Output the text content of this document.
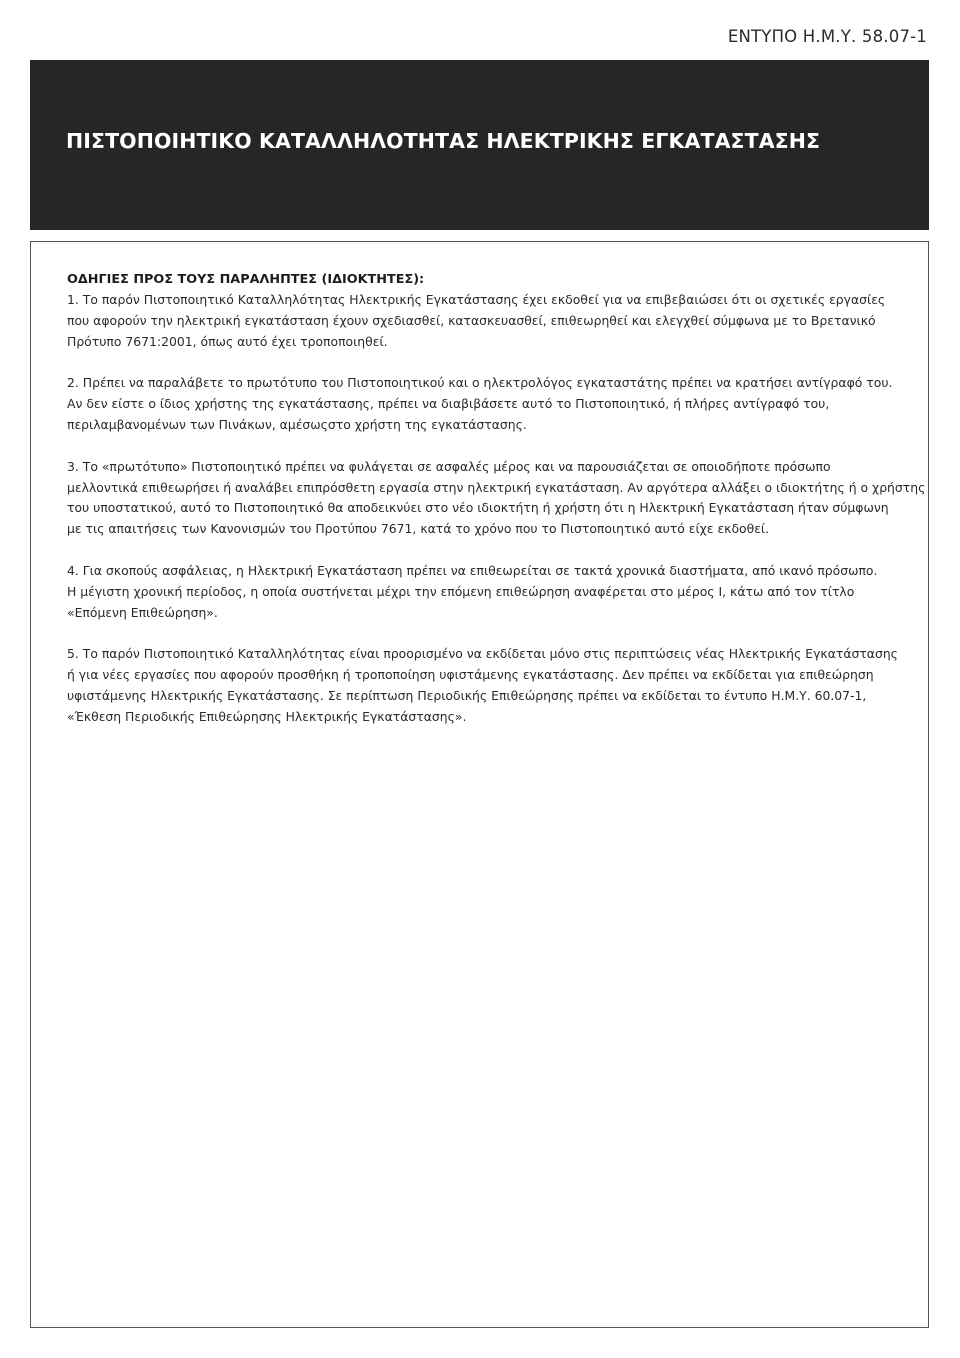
ΕΝΤΥΠΟ Η.Μ.Υ. 58.07-1
ΠΙΣΤΟΠΟΙΗΤΙΚΟ ΚΑΤΑΛΛΗΛΟΤΗΤΑΣ ΗΛΕΚΤΡΙΚΗΣ ΕΓΚΑΤΑΣΤΑΣΗΣ

ΟΔΗΓΙΕΣ ΠΡΟΣ ΤΟΥΣ ΠΑΡΑΛΗΠΤΕΣ (ΙΔΙΟΚΤΗΤΕΣ):

1. Το παρόν Πιστοποιητικό Καταλληλότητας Ηλεκτρικής Εγκατάστασης έχει εκδοθεί για να επιβεβαιώσει ότι οι σχετικές εργασίες
που αφορούν την ηλεκτρική εγκατάσταση έχουν σχεδιασθεί, κατασκευασθεί, επιθεωρηθεί και ελεγχθεί σύμφωνα με το Βρετανικό
Πρότυπο 7671:2001, όπως αυτό έχει τροποποιηθεί.

2. Πρέπει να παραλάβετε το πρωτότυπο του Πιστοποιητικού και ο ηλεκτρολόγος εγκαταστάτης πρέπει να κρατήσει αντίγραφό του.
Αν δεν είστε ο ίδιος χρήστης της εγκατάστασης, πρέπει να διαβιβάσετε αυτό το Πιστοποιητικό, ή πλήρες αντίγραφό του,
περιλαμβανομένων των Πινάκων, αμέσωςστο χρήστη της εγκατάστασης.

3. Το «πρωτότυπο» Πιστοποιητικό πρέπει να φυλάγεται σε ασφαλές μέρος και να παρουσιάζεται σε οποιοδήποτε πρόσωπο
μελλοντικά επιθεωρήσει ή αναλάβει επιπρόσθετη εργασία στην ηλεκτρική εγκατάσταση. Αν αργότερα αλλάξει ο ιδιοκτήτης ή ο χρήστης
του υποστατικού, αυτό το Πιστοποιητικό θα αποδεικνύει στο νέο ιδιοκτήτη ή χρήστη ότι η Ηλεκτρική Εγκατάσταση ήταν σύμφωνη
με τις απαιτήσεις των Κανονισμών του Προτύπου 7671, κατά το χρόνο που το Πιστοποιητικό αυτό είχε εκδοθεί.

4. Για σκοπούς ασφάλειας, η Ηλεκτρική Εγκατάσταση πρέπει να επιθεωρείται σε τακτά χρονικά διαστήματα, από ικανό πρόσωπο.
Η μέγιστη χρονική περίοδος, η οποία συστήνεται μέχρι την επόμενη επιθεώρηση αναφέρεται στο μέρος Ι, κάτω από τον τίτλο
«Επόμενη Επιθεώρηση».

5. Το παρόν Πιστοποιητικό Καταλληλότητας είναι προορισμένο να εκδίδεται μόνο στις περιπτώσεις νέας Ηλεκτρικής Εγκατάστασης
ή για νέες εργασίες που αφορούν προσθήκη ή τροποποίηση υφιστάμενης εγκατάστασης. Δεν πρέπει να εκδίδεται για επιθεώρηση
υφιστάμενης Ηλεκτρικής Εγκατάστασης. Σε περίπτωση Περιοδικής Επιθεώρησης πρέπει να εκδίδεται το έντυπο Η.Μ.Υ. 60.07-1,
«Έκθεση Περιοδικής Επιθεώρησης Ηλεκτρικής Εγκατάστασης».
